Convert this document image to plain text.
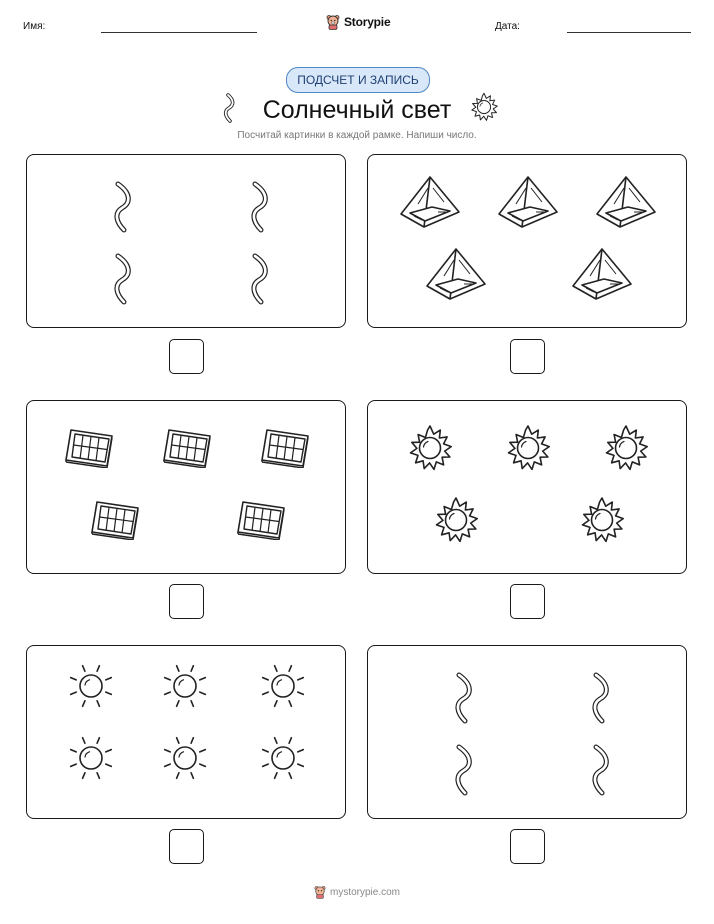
Имя:	Storypie	Дата:
ПОДСЧЕТ И ЗАПИСЬ
Солнечный свет
Посчитай картинки в каждой рамке. Напиши число.
mystorypie.com
